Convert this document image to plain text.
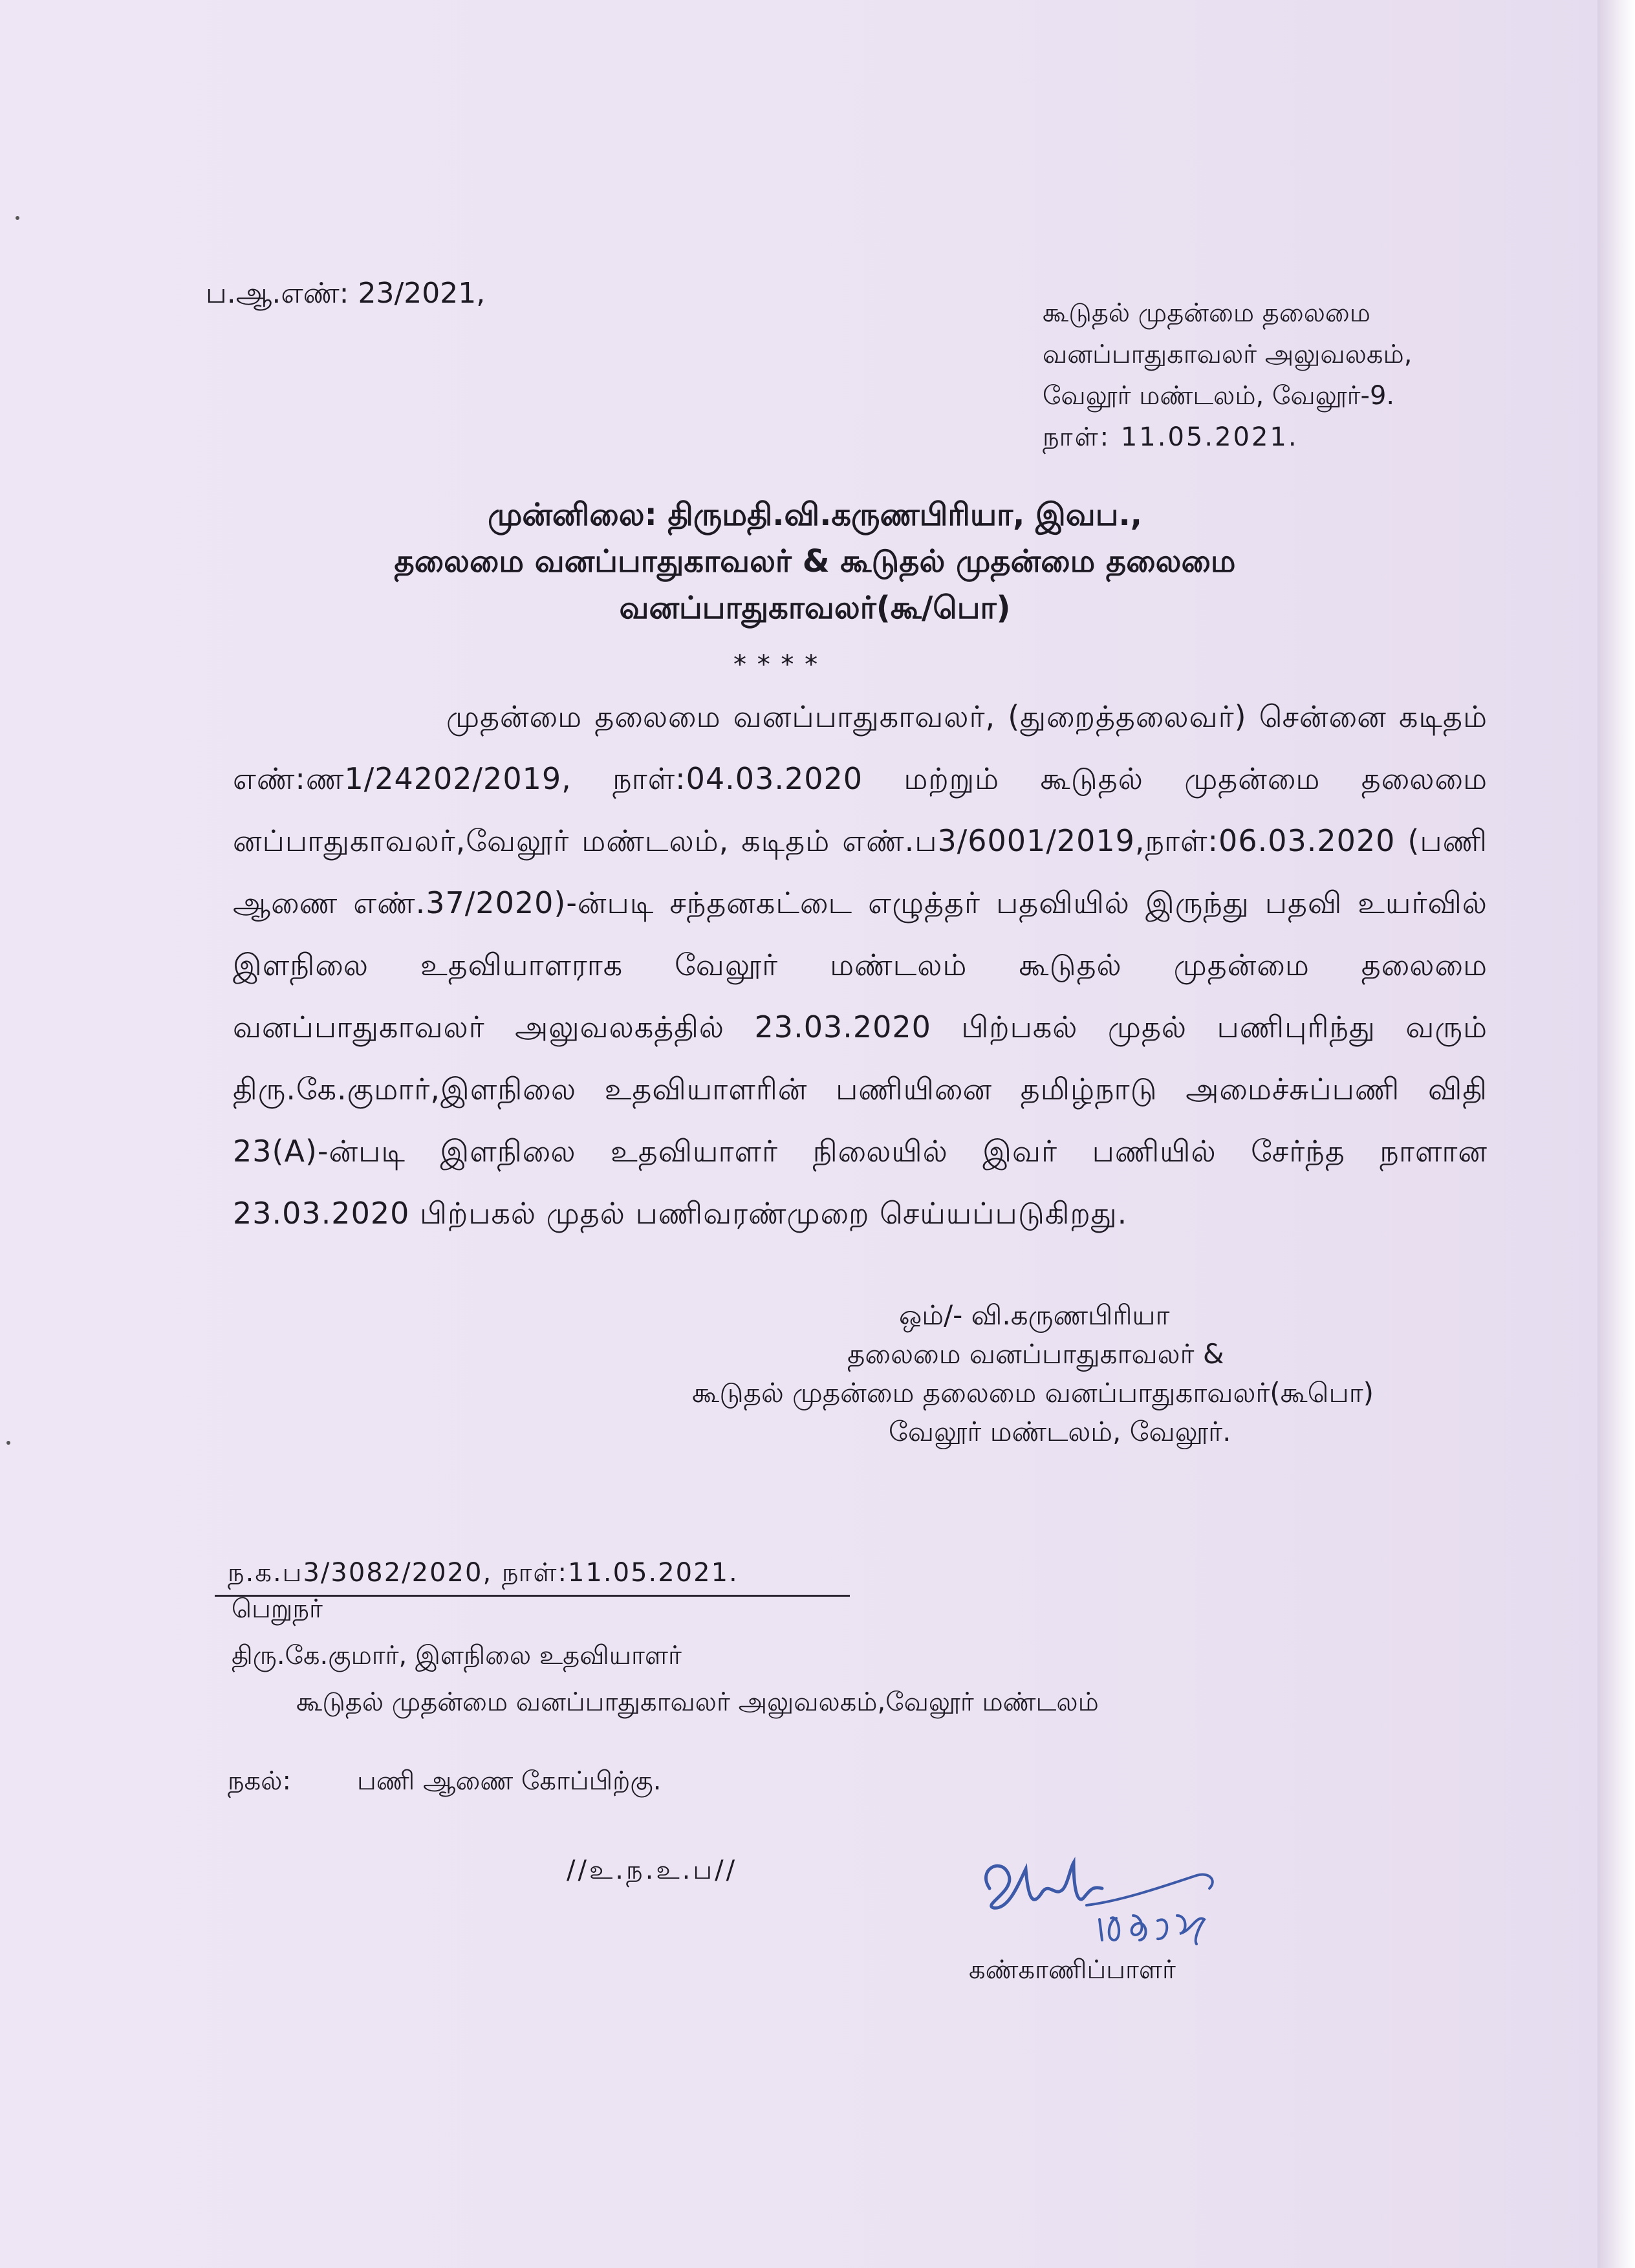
ப.ஆ.எண்: 23/2021,
கூடுதல் முதன்மை தலைமை
வனப்பாதுகாவலர் அலுவலகம்,
வேலூர் மண்டலம், வேலூர்-9.
நாள்: 11.05.2021.
முன்னிலை: திருமதி.வி.கருணபிரியா, இவப.,
தலைமை வனப்பாதுகாவலர் & கூடுதல் முதன்மை தலைமை
வனப்பாதுகாவலர்(கூ/பொ)
* * * *
முதன்மை தலைமை வனப்பாதுகாவலர், (துறைத்தலைவர்) சென்னை கடிதம் எண்:ண1/24202/2019, நாள்:04.03.2020 மற்றும் கூடுதல் முதன்மை தலைமை னப்பாதுகாவலர்,வேலூர் மண்டலம், கடிதம் எண்.ப3/6001/2019,நாள்:06.03.2020 (பணி ஆணை எண்.37/2020)-ன்படி சந்தனகட்டை எழுத்தர் பதவியில் இருந்து பதவி உயர்வில் இளநிலை உதவியாளராக வேலூர் மண்டலம் கூடுதல் முதன்மை தலைமை வனப்பாதுகாவலர் அலுவலகத்தில் 23.03.2020 பிற்பகல் முதல் பணிபுரிந்து வரும் திரு.கே.குமார்,இளநிலை உதவியாளரின் பணியினை தமிழ்நாடு அமைச்சுப்பணி விதி 23(A)-ன்படி இளநிலை உதவியாளர் நிலையில் இவர் பணியில் சேர்ந்த நாளான 23.03.2020 பிற்பகல் முதல் பணிவரண்முறை செய்யப்படுகிறது.
ஒம்/- வி.கருணபிரியா
தலைமை வனப்பாதுகாவலர் &
கூடுதல் முதன்மை தலைமை வனப்பாதுகாவலர்(கூபொ)
வேலூர் மண்டலம், வேலூர்.
ந.க.ப3/3082/2020, நாள்:11.05.2021.
பெறுநர்
திரு.கே.குமார், இளநிலை உதவியாளர்
கூடுதல் முதன்மை வனப்பாதுகாவலர் அலுவலகம்,வேலூர் மண்டலம்
நகல்:	பணி ஆணை கோப்பிற்கு.
//உ.ந.உ.ப//
கண்காணிப்பாளர்
